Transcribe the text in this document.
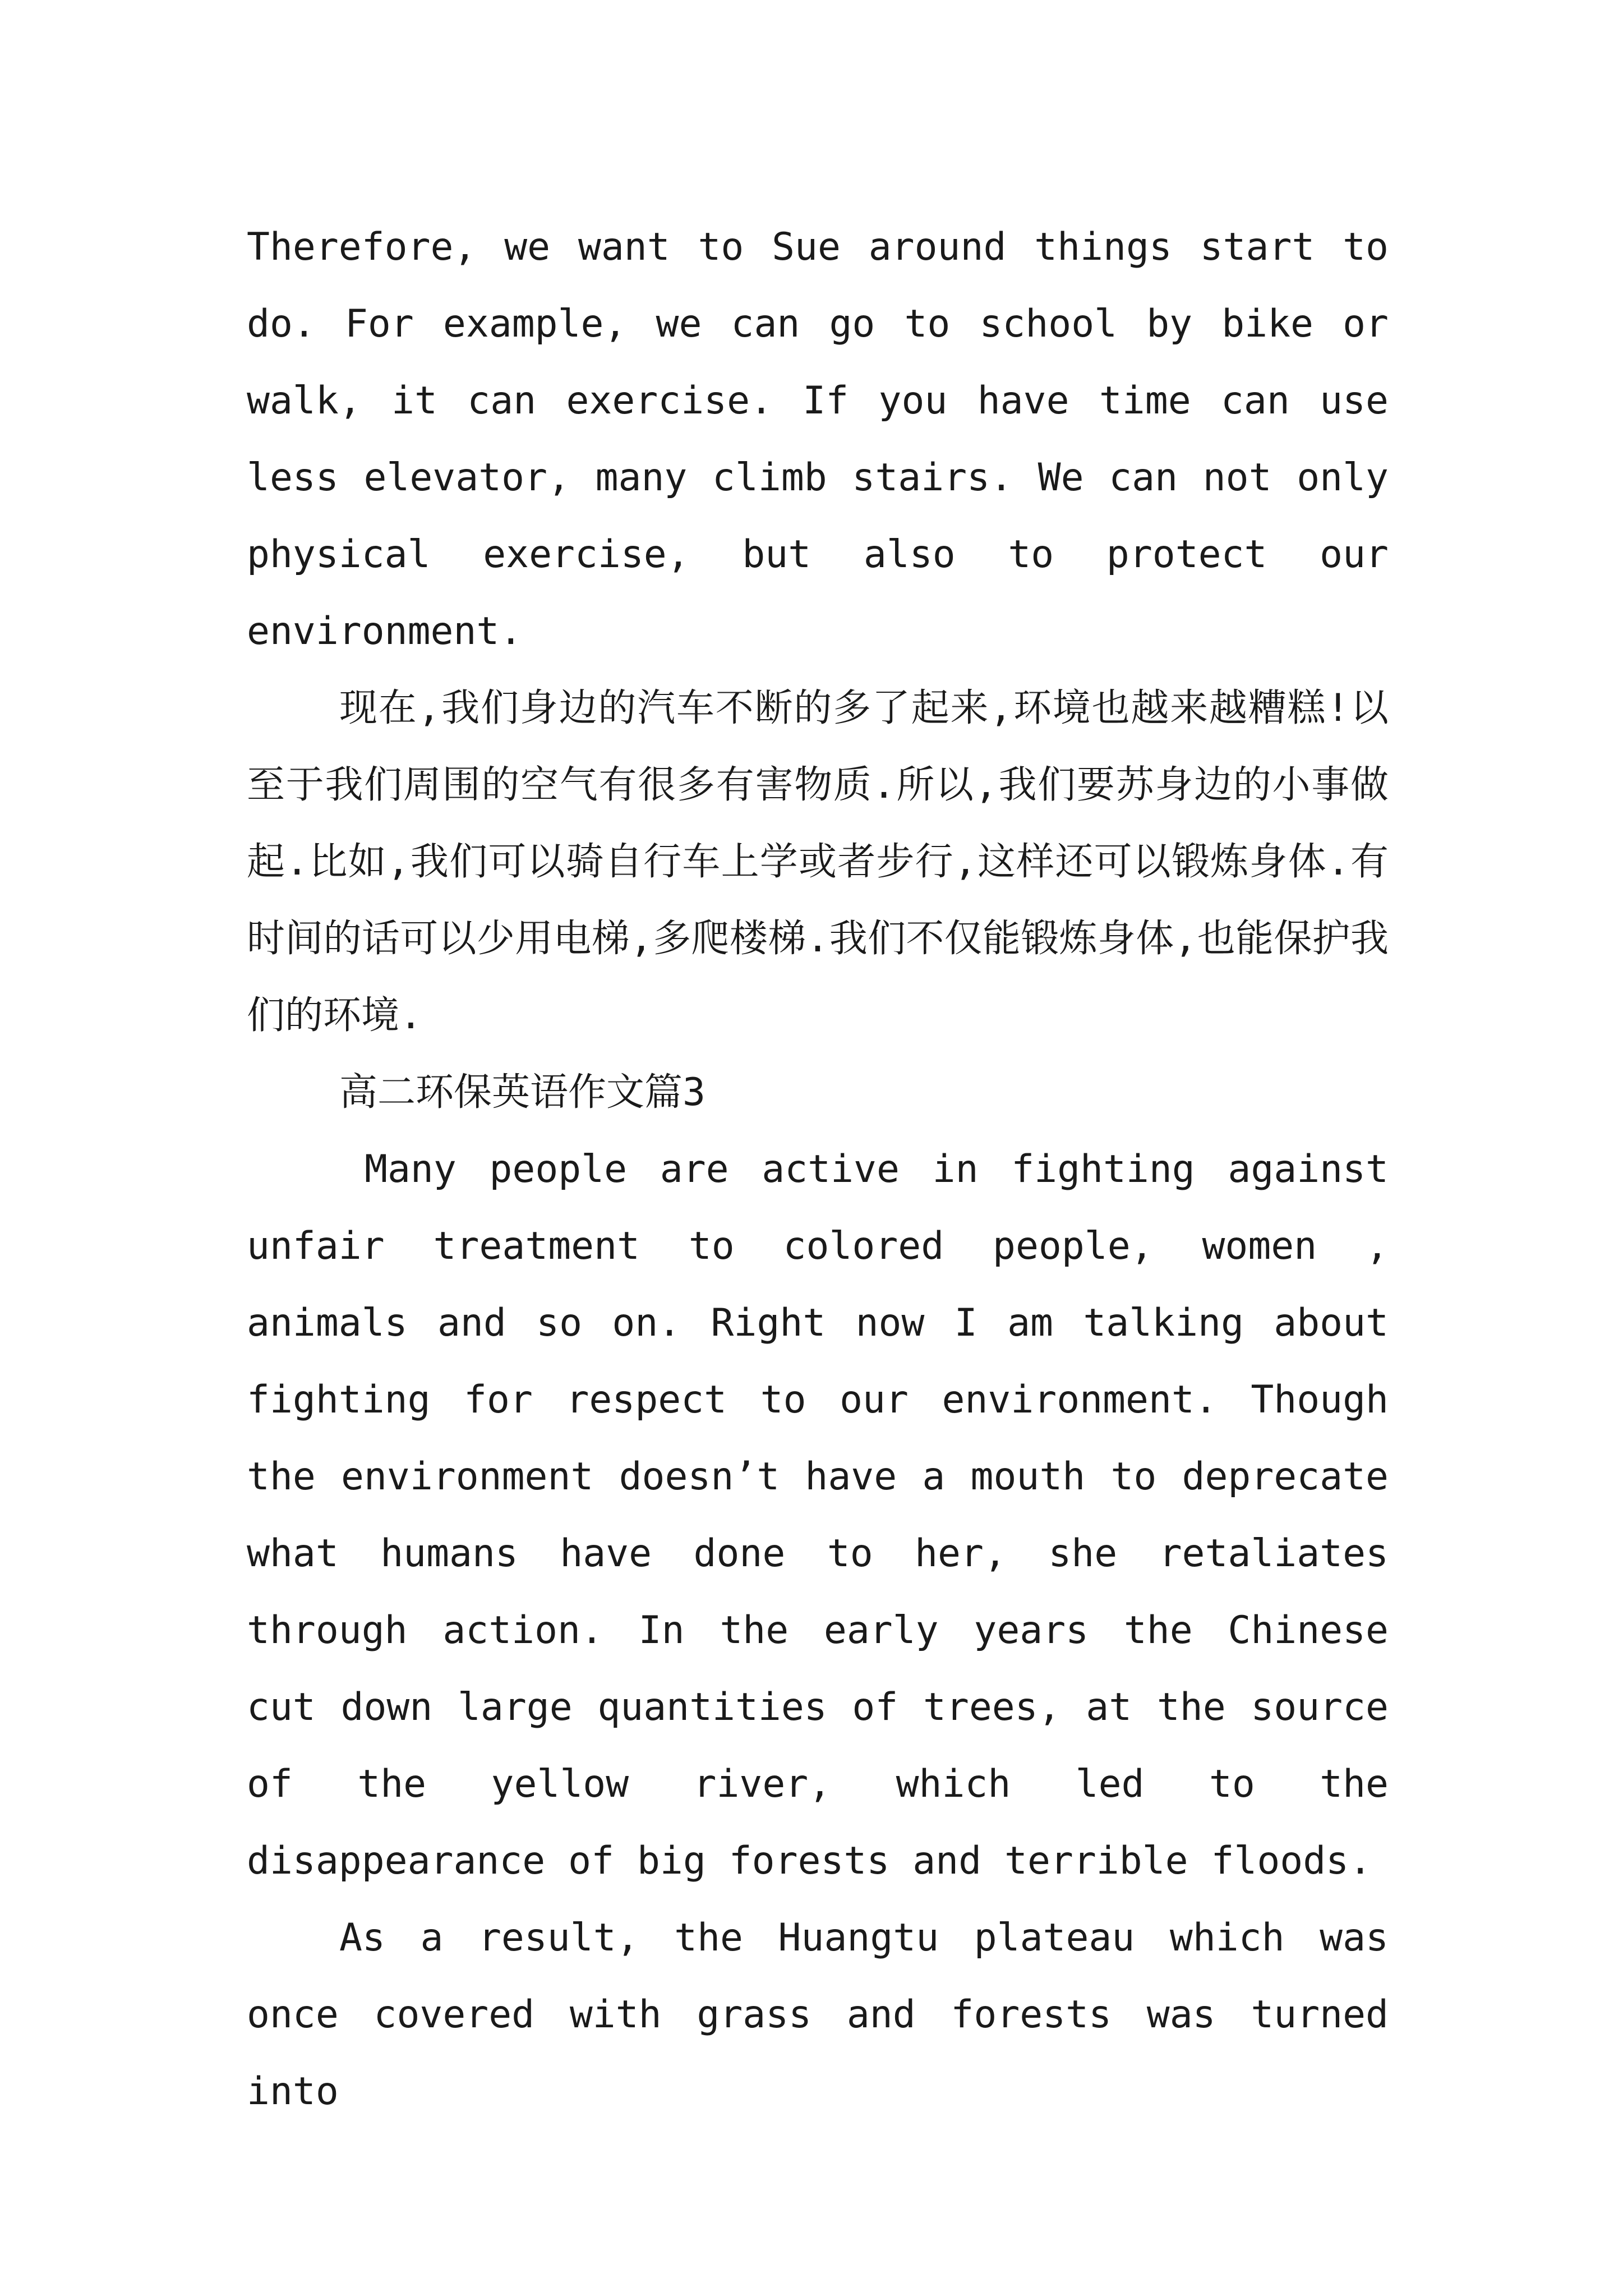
Therefore, we want to Sue around things start to do. For example, we can go to school by bike or walk, it can exercise. If you have time can use less elevator, many climb stairs. We can not only physical exercise, but also to protect our environment.

现在,我们身边的汽车不断的多了起来,环境也越来越糟糕!以至于我们周围的空气有很多有害物质.所以,我们要苏身边的小事做起.比如,我们可以骑自行车上学或者步行,这样还可以锻炼身体.有时间的话可以少用电梯,多爬楼梯.我们不仅能锻炼身体,也能保护我们的环境.

高二环保英语作文篇3

Many people are active in fighting against unfair treatment to colored people, women , animals and so on. Right now I am talking about fighting for respect to our environment. Though the environment doesn’t have a mouth to deprecate what humans have done to her, she retaliates through action. In the early years the Chinese cut down large quantities of trees, at the source of the yellow river, which led to the disappearance of big forests and terrible floods.

As a result, the Huangtu plateau which was once covered with grass and forests was turned into
